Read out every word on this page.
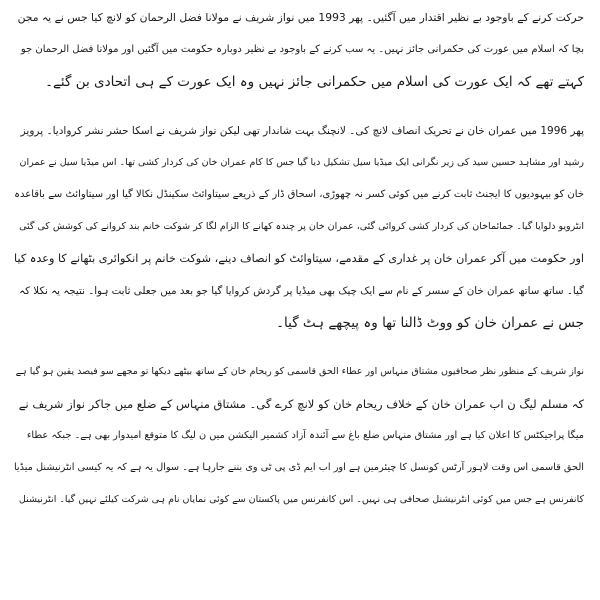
حرکت کرنے کے باوجود بے نظیر اقتدار میں آگئیں۔ پھر 1993 میں نواز شریف نے مولانا فضل الرحمان کو لانچ کیا جس نے یہ مجن
بچا کہ اسلام میں عورت کی حکمرانی جائز نہیں۔ یہ سب کرنے کے باوجود بے نظیر دوبارہ حکومت میں آگئیں اور مولانا فضل الرحمان جو
کہتے تھے کہ ایک عورت کی اسلام میں حکمرانی جائز نہیں وہ ایک عورت کے ہی اتحادی بن گئے۔
پھر 1996 میں عمران خان نے تحریک انصاف لانچ کی۔ لانچنگ بہت شاندار تھی لیکن نواز شریف نے اسکا حشر نشر کروادیا۔ پرویز
رشید اور مشاہد حسین سید کی زیر نگرانی ایک میڈیا سیل تشکیل دیا گیا جس کا کام عمران خان کی کردار کشی تھا۔ اس میڈیا سیل نے عمران
خان کو بیہودیوں کا ایجنٹ ثابت کرنے میں کوئی کسر نہ چھوڑی، اسحاق ڈار کے ذریعے سیتاوائٹ سکینڈل نکالا گیا اور سیتاوائٹ سے باقاعدہ
انٹرویو دلوایا گیا۔ جمائماخان کی کردار کشی کروائی گئی، عمران خان پر چندہ کھانے کا الزام لگا کر شوکت خانم بند کروانے کی کوشش کی گئی
اور حکومت میں آکر عمران خان پر غداری کے مقدمے، سیتاوائٹ کو انصاف دینے، شوکت خانم پر انکوائری بٹھانے کا وعدہ کیا
گیا۔ ساتھ ساتھ عمران خان کے سسر کے نام سے ایک چیک بھی میڈیا پر گردش کروایا گیا جو بعد میں جعلی ثابت ہوا۔ نتیجہ یہ نکلا کہ
جس نے عمران خان کو ووٹ ڈالنا تھا وہ پیچھے ہٹ گیا۔
نواز شریف کے منظور نظر صحافیوں مشتاق منہاس اور عطاء الحق قاسمی کو ریحام خان کے ساتھ بیٹھے دیکھا تو مجھے سو فیصد یقین ہو گیا ہے
کہ مسلم لیگ ن اب عمران خان کے خلاف ریحام خان کو لانچ کرے گی۔ مشتاق منہاس کے ضلع میں جاکر نواز شریف نے
میگا پراجیکٹس کا اعلان کیا ہے اور مشتاق منہاس ضلع باغ سے آئندہ آزاد کشمیر الیکشن میں ن لیگ کا متوقع امیدوار بھی ہے۔ جبکہ عطاء
الحق قاسمی اس وقت لاہور آرٹس کونسل کا چیئرمین ہے اور اب ایم ڈی پی ٹی وی بننے جارہا ہے۔ سوال یہ ہے کہ یہ کیسی انٹرنیشنل میڈیا
کانفرنس ہے جس میں کوئی انٹرنیشنل صحافی ہی نہیں۔ اس کانفرنس میں پاکستان سے کوئی نمایاں نام ہی شرکت کیلئے نہیں گیا۔ انٹرنیشنل
